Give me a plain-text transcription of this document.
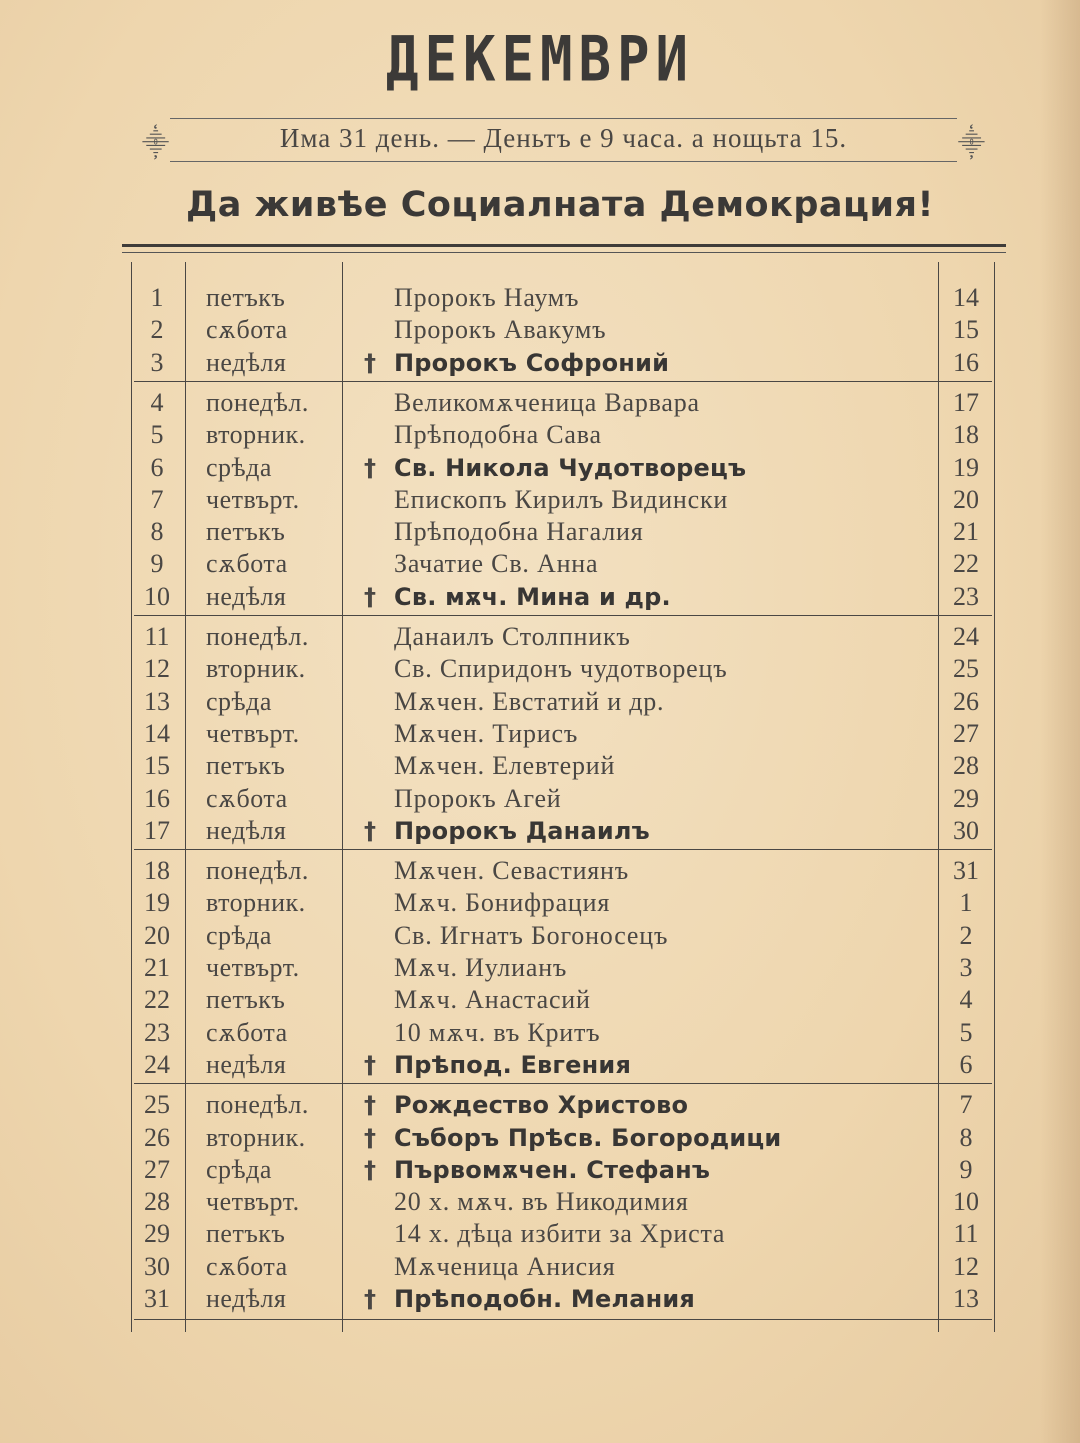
ДЕКЕМВРИ
⸎	Има 31 день. — Деньтъ е 9 часа. а нощьта 15.	⸎
Да живѣе Социалната Демокрация!
1	петъкъ	Пророкъ Наумъ	14
2	сѫбота	Пророкъ Авакумъ	15
3	недѣля	† Пророкъ Софроний	16
4	понедѣл.	Великомѫченица Варвара	17
5	вторник.	Прѣподобна Сава	18
6	срѣда	† Св. Никола Чудотворецъ	19
7	четвърт.	Епископъ Кирилъ Видински	20
8	петъкъ	Прѣподобна Нагалия	21
9	сѫбота	Зачатие Св. Анна	22
10	недѣля	† Св. мѫч. Мина и др.	23
11	понедѣл.	Данаилъ Столпникъ	24
12	вторник.	Св. Спиридонъ чудотворецъ	25
13	срѣда	Мѫчен. Евстатий и др.	26
14	четвърт.	Мѫчен. Тирисъ	27
15	петъкъ	Мѫчен. Елевтерий	28
16	сѫбота	Пророкъ Агей	29
17	недѣля	† Пророкъ Данаилъ	30
18	понедѣл.	Мѫчен. Севастиянъ	31
19	вторник.	Мѫч. Бонифрация	1
20	срѣда	Св. Игнатъ Богоносецъ	2
21	четвърт.	Мѫч. Иулианъ	3
22	петъкъ	Мѫч. Анастасий	4
23	сѫбота	10 мѫч. въ Критъ	5
24	недѣля	† Прѣпод. Евгения	6
25	понедѣл.	† Рождество Христово	7
26	вторник.	† Съборъ Прѣсв. Богородици	8
27	срѣда	† Първомѫчен. Стефанъ	9
28	четвърт.	20 х. мѫч. въ Никодимия	10
29	петъкъ	14 х. дѣца избити за Христа	11
30	сѫбота	Мѫченица Анисия	12
31	недѣля	† Прѣподобн. Мелания	13
